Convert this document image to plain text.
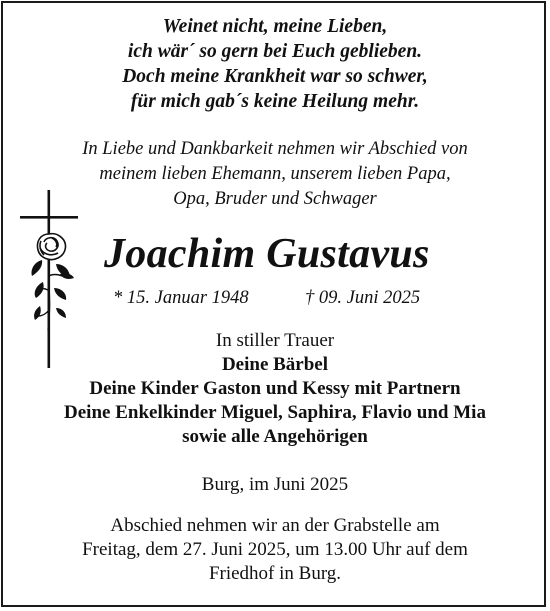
Weinet nicht, meine Lieben,
ich wär´ so gern bei Euch geblieben.
Doch meine Krankheit war so schwer,
für mich gab´s keine Heilung mehr.
In Liebe und Dankbarkeit nehmen wir Abschied von
meinem lieben Ehemann, unserem lieben Papa,
Opa, Bruder und Schwager
Joachim Gustavus
* 15. Januar 1948	† 09. Juni 2025
In stiller Trauer
Deine Bärbel
Deine Kinder Gaston und Kessy mit Partnern
Deine Enkelkinder Miguel, Saphira, Flavio und Mia
sowie alle Angehörigen
Burg, im Juni 2025
Abschied nehmen wir an der Grabstelle am
Freitag, dem 27. Juni 2025, um 13.00 Uhr auf dem
Friedhof in Burg.
